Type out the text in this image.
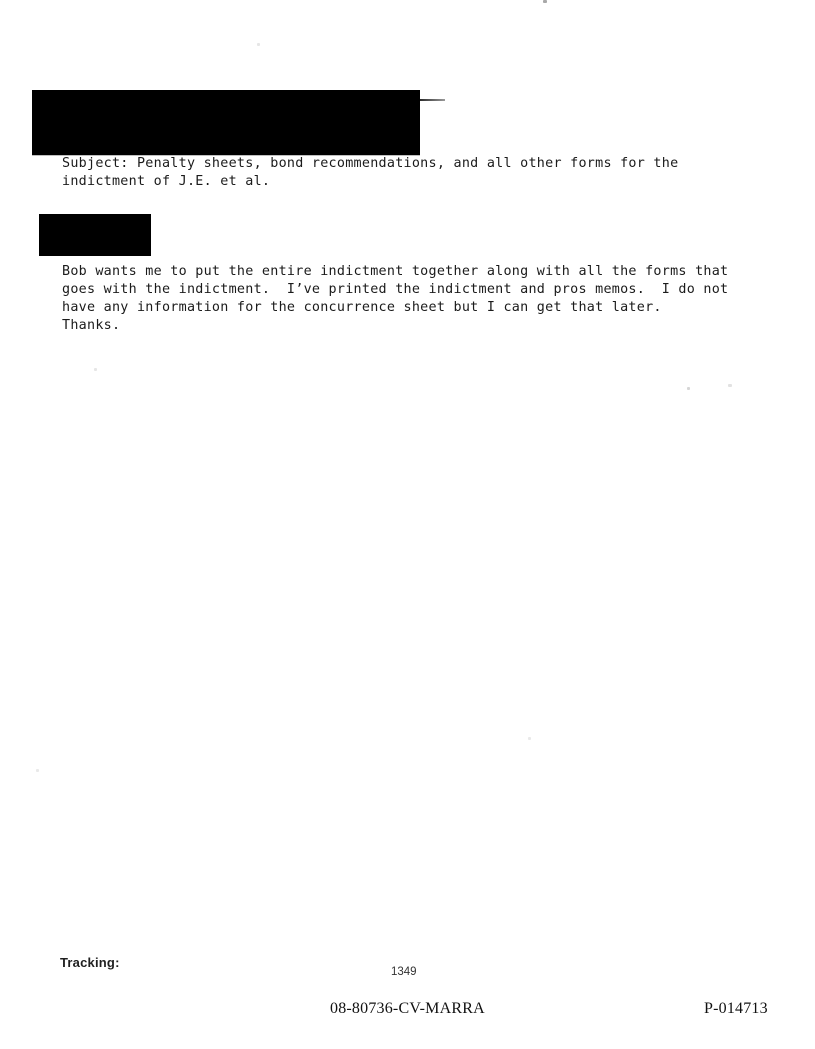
Subject: Penalty sheets, bond recommendations, and all other forms for the
indictment of J.E. et al.
Bob wants me to put the entire indictment together along with all the forms that
goes with the indictment.  I’ve printed the indictment and pros memos.  I do not
have any information for the concurrence sheet but I can get that later.
Thanks.
Tracking:
1349
08-80736-CV-MARRA	P-014713
